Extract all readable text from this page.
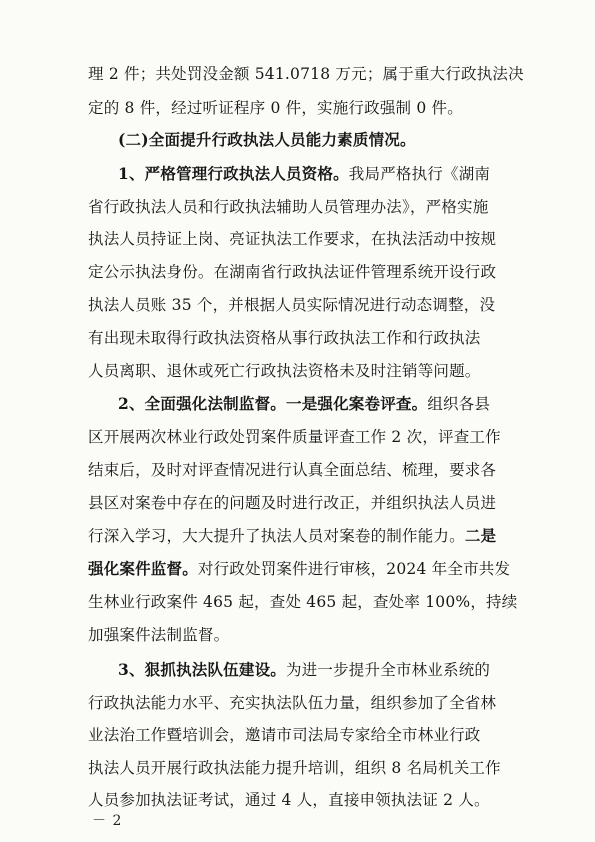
理 2 件；共处罚没金额 541.0718 万元；属于重大行政执法决
定的 8 件，经过听证程序 0 件，实施行政强制 0 件。
(二)全面提升行政执法人员能力素质情况。
1、严格管理行政执法人员资格。我局严格执行《湖南
省行政执法人员和行政执法辅助人员管理办法》，严格实施
执法人员持证上岗、亮证执法工作要求，在执法活动中按规
定公示执法身份。在湖南省行政执法证件管理系统开设行政
执法人员账 35 个，并根据人员实际情况进行动态调整，没
有出现未取得行政执法资格从事行政执法工作和行政执法
人员离职、退休或死亡行政执法资格未及时注销等问题。
2、全面强化法制监督。一是强化案卷评查。组织各县
区开展两次林业行政处罚案件质量评查工作 2 次，评查工作
结束后，及时对评查情况进行认真全面总结、梳理，要求各
县区对案卷中存在的问题及时进行改正，并组织执法人员进
行深入学习，大大提升了执法人员对案卷的制作能力。二是
强化案件监督。对行政处罚案件进行审核，2024 年全市共发
生林业行政案件 465 起，查处 465 起，查处率 100%，持续
加强案件法制监督。
3、狠抓执法队伍建设。为进一步提升全市林业系统的
行政执法能力水平、充实执法队伍力量，组织参加了全省林
业法治工作暨培训会，邀请市司法局专家给全市林业行政
执法人员开展行政执法能力提升培训，组织 8 名局机关工作
人员参加执法证考试，通过 4 人，直接申领执法证 2 人。
－ 2
